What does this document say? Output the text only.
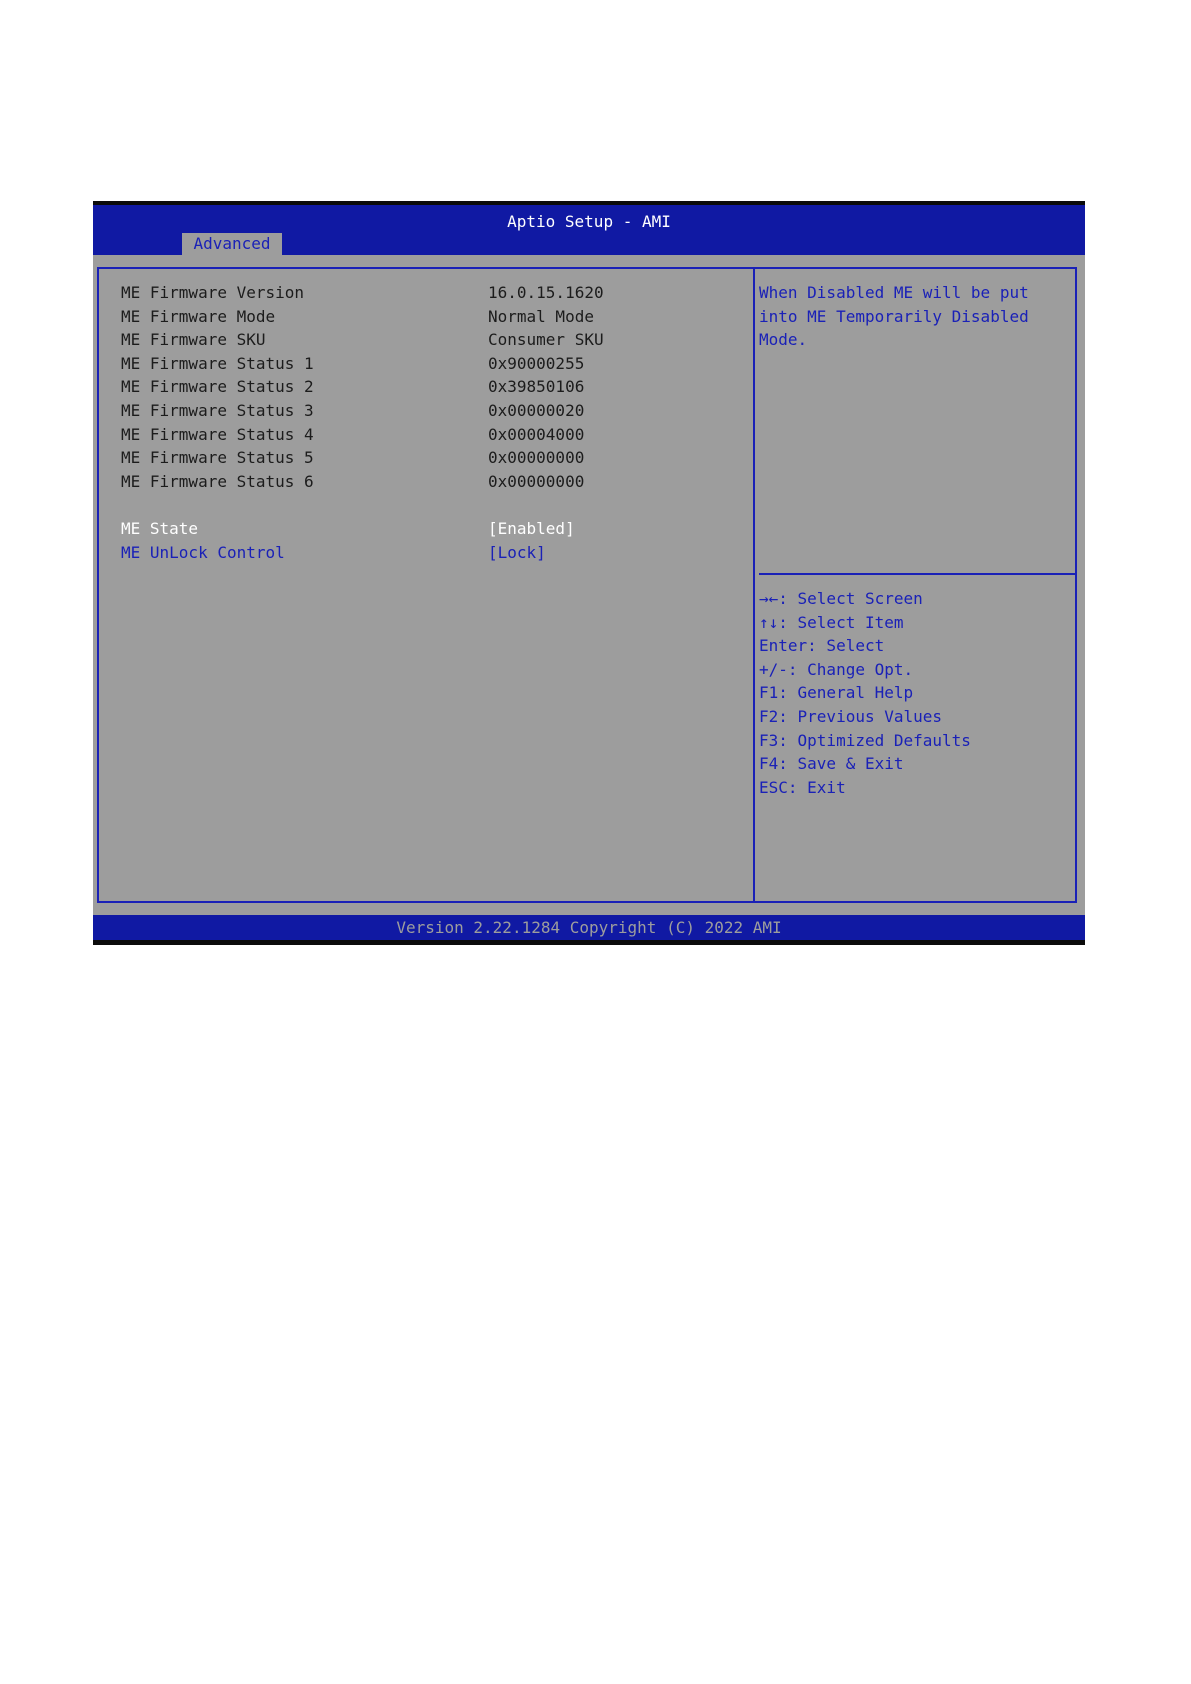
Aptio Setup - AMI
Advanced
ME Firmware Version	16.0.15.1620
ME Firmware Mode	Normal Mode
ME Firmware SKU	Consumer SKU
ME Firmware Status 1	0x90000255
ME Firmware Status 2	0x39850106
ME Firmware Status 3	0x00000020
ME Firmware Status 4	0x00004000
ME Firmware Status 5	0x00000000
ME Firmware Status 6	0x00000000
ME State	[Enabled]
ME UnLock Control	[Lock]
When Disabled ME will be put
into ME Temporarily Disabled
Mode.
→←: Select Screen
↑↓: Select Item
Enter: Select
+/-: Change Opt.
F1: General Help
F2: Previous Values
F3: Optimized Defaults
F4: Save & Exit
ESC: Exit
Version 2.22.1284 Copyright (C) 2022 AMI
